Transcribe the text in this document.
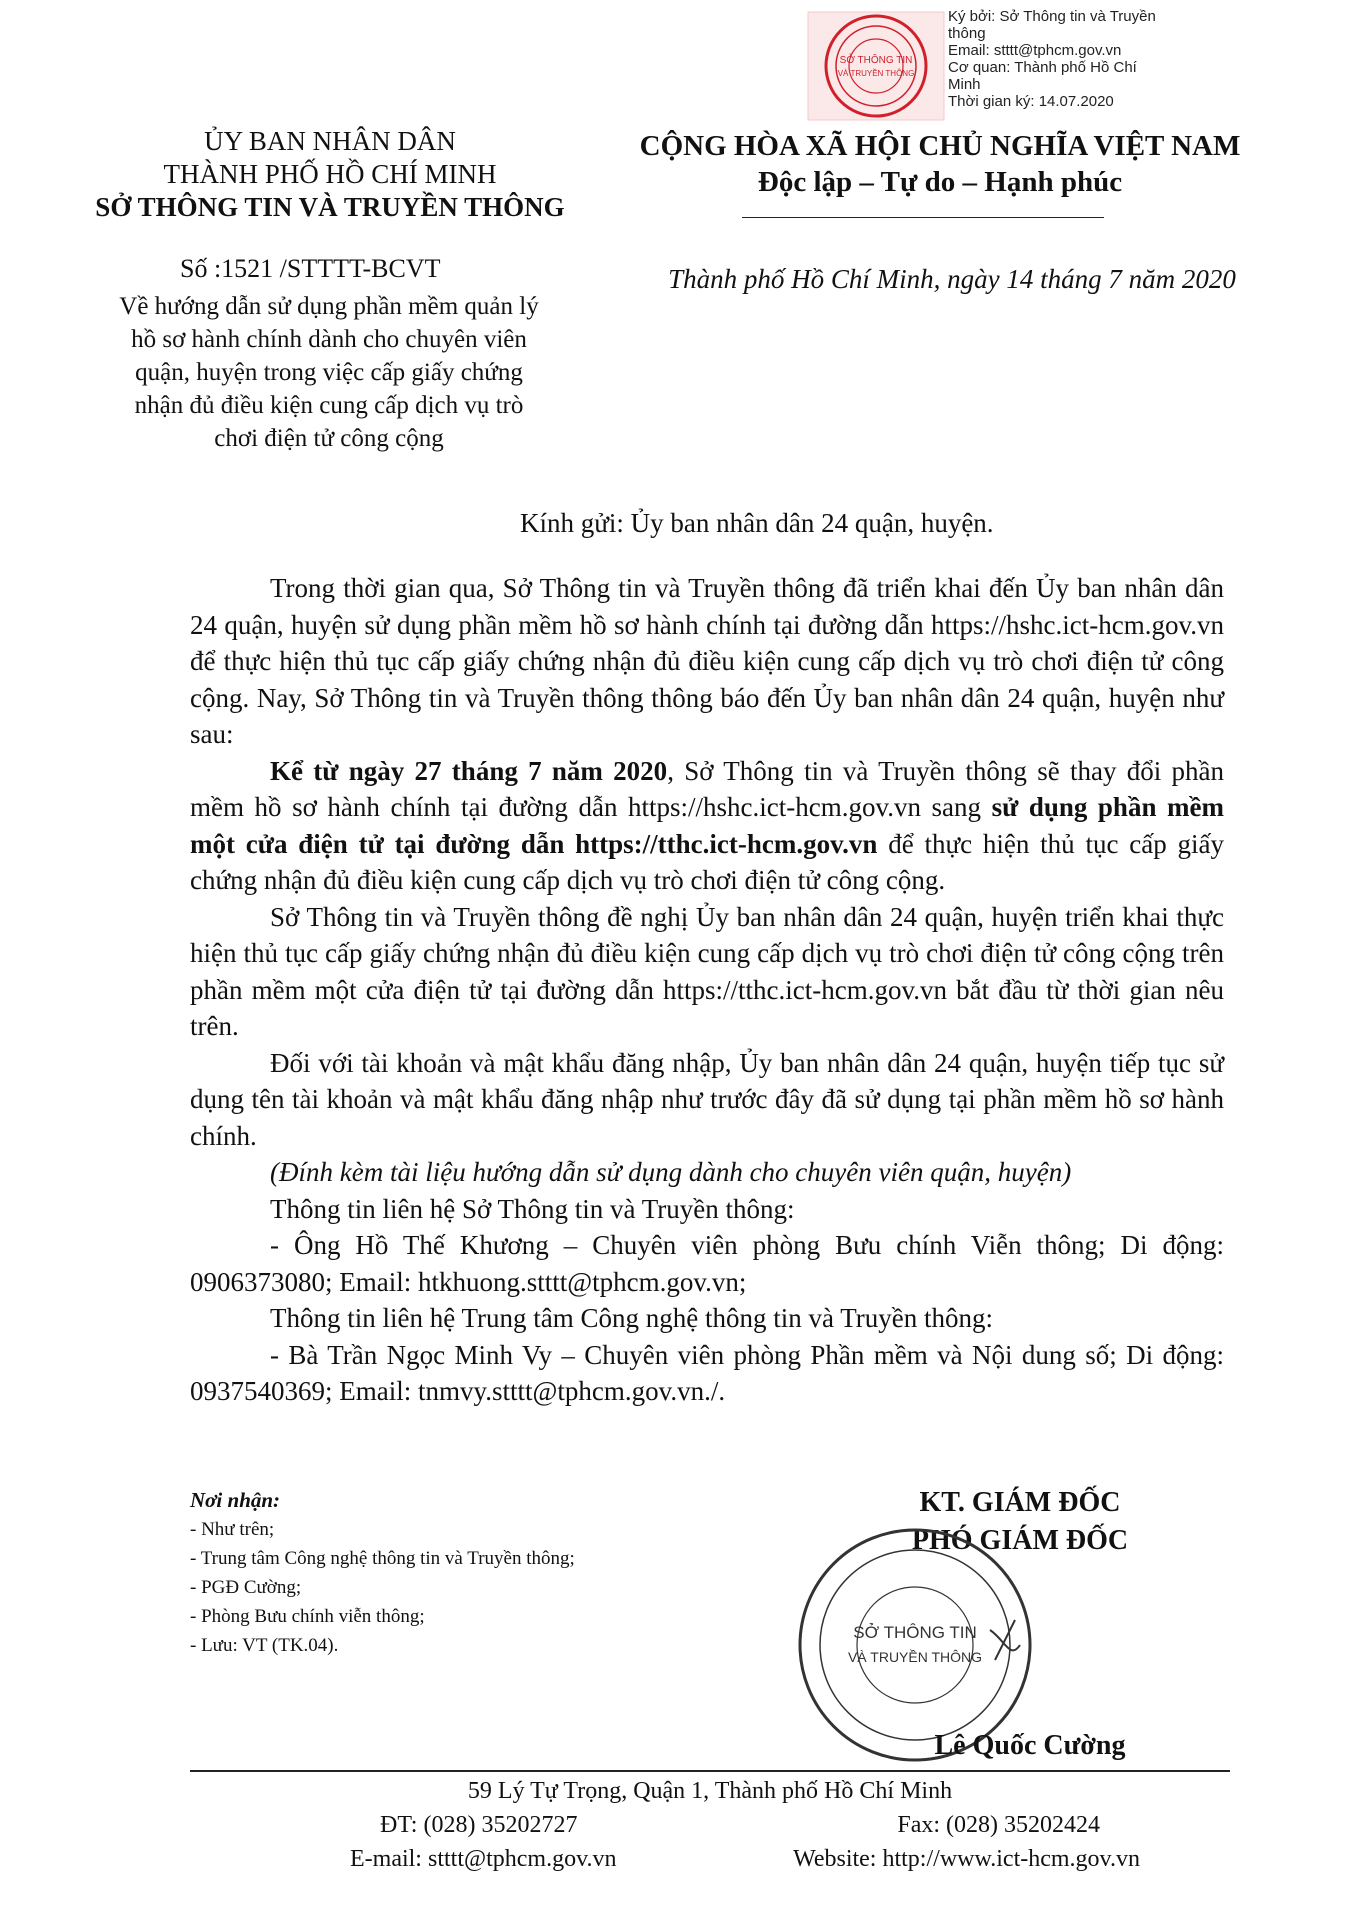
SỞ THÔNG TIN
VÀ TRUYỀN THÔNG
Ký bởi: Sở Thông tin và Truyền
thông
Email: stttt@tphcm.gov.vn
Cơ quan: Thành phố Hồ Chí
Minh
Thời gian ký: 14.07.2020
ỦY BAN NHÂN DÂN
THÀNH PHỐ HỒ CHÍ MINH
SỞ THÔNG TIN VÀ TRUYỀN THÔNG
CỘNG HÒA XÃ HỘI CHỦ NGHĨA VIỆT NAM
Độc lập – Tự do – Hạnh phúc
Số :1521 /STTTT-BCVT
Về hướng dẫn sử dụng phần mềm quản lý
hồ sơ hành chính dành cho chuyên viên
quận, huyện trong việc cấp giấy chứng
nhận đủ điều kiện cung cấp dịch vụ trò
chơi điện tử công cộng
Thành phố Hồ Chí Minh, ngày 14 tháng 7 năm 2020
Kính gửi: Ủy ban nhân dân 24 quận, huyện.

Trong thời gian qua, Sở Thông tin và Truyền thông đã triển khai đến Ủy ban nhân dân 24 quận, huyện sử dụng phần mềm hồ sơ hành chính tại đường dẫn https://hshc.ict-hcm.gov.vn để thực hiện thủ tục cấp giấy chứng nhận đủ điều kiện cung cấp dịch vụ trò chơi điện tử công cộng. Nay, Sở Thông tin và Truyền thông thông báo đến Ủy ban nhân dân 24 quận, huyện như sau:

Kể từ ngày 27 tháng 7 năm 2020, Sở Thông tin và Truyền thông sẽ thay đổi phần mềm hồ sơ hành chính tại đường dẫn https://hshc.ict-hcm.gov.vn sang sử dụng phần mềm một cửa điện tử tại đường dẫn https://tthc.ict-hcm.gov.vn để thực hiện thủ tục cấp giấy chứng nhận đủ điều kiện cung cấp dịch vụ trò chơi điện tử công cộng.

Sở Thông tin và Truyền thông đề nghị Ủy ban nhân dân 24 quận, huyện triển khai thực hiện thủ tục cấp giấy chứng nhận đủ điều kiện cung cấp dịch vụ trò chơi điện tử công cộng trên phần mềm một cửa điện tử tại đường dẫn https://tthc.ict-hcm.gov.vn bắt đầu từ thời gian nêu trên.

Đối với tài khoản và mật khẩu đăng nhập, Ủy ban nhân dân 24 quận, huyện tiếp tục sử dụng tên tài khoản và mật khẩu đăng nhập như trước đây đã sử dụng tại phần mềm hồ sơ hành chính.

(Đính kèm tài liệu hướng dẫn sử dụng dành cho chuyên viên quận, huyện)

Thông tin liên hệ Sở Thông tin và Truyền thông:

- Ông Hồ Thế Khương – Chuyên viên phòng Bưu chính Viễn thông; Di động: 0906373080; Email: htkhuong.stttt@tphcm.gov.vn;

Thông tin liên hệ Trung tâm Công nghệ thông tin và Truyền thông:

- Bà Trần Ngọc Minh Vy – Chuyên viên phòng Phần mềm và Nội dung số; Di động: 0937540369; Email: tnmvy.stttt@tphcm.gov.vn./.

Nơi nhận:
- Như trên;
- Trung tâm Công nghệ thông tin và Truyền thông;
- PGĐ Cường;
- Phòng Bưu chính viễn thông;
- Lưu: VT (TK.04).
KT. GIÁM ĐỐC
PHÓ GIÁM ĐỐC
SỞ THÔNG TIN
VÀ TRUYỀN THÔNG
Lê Quốc Cường
59 Lý Tự Trọng, Quận 1, Thành phố Hồ Chí Minh
ĐT: (028) 35202727	Fax: (028) 35202424
E-mail: stttt@tphcm.gov.vn	Website: http://www.ict-hcm.gov.vn
